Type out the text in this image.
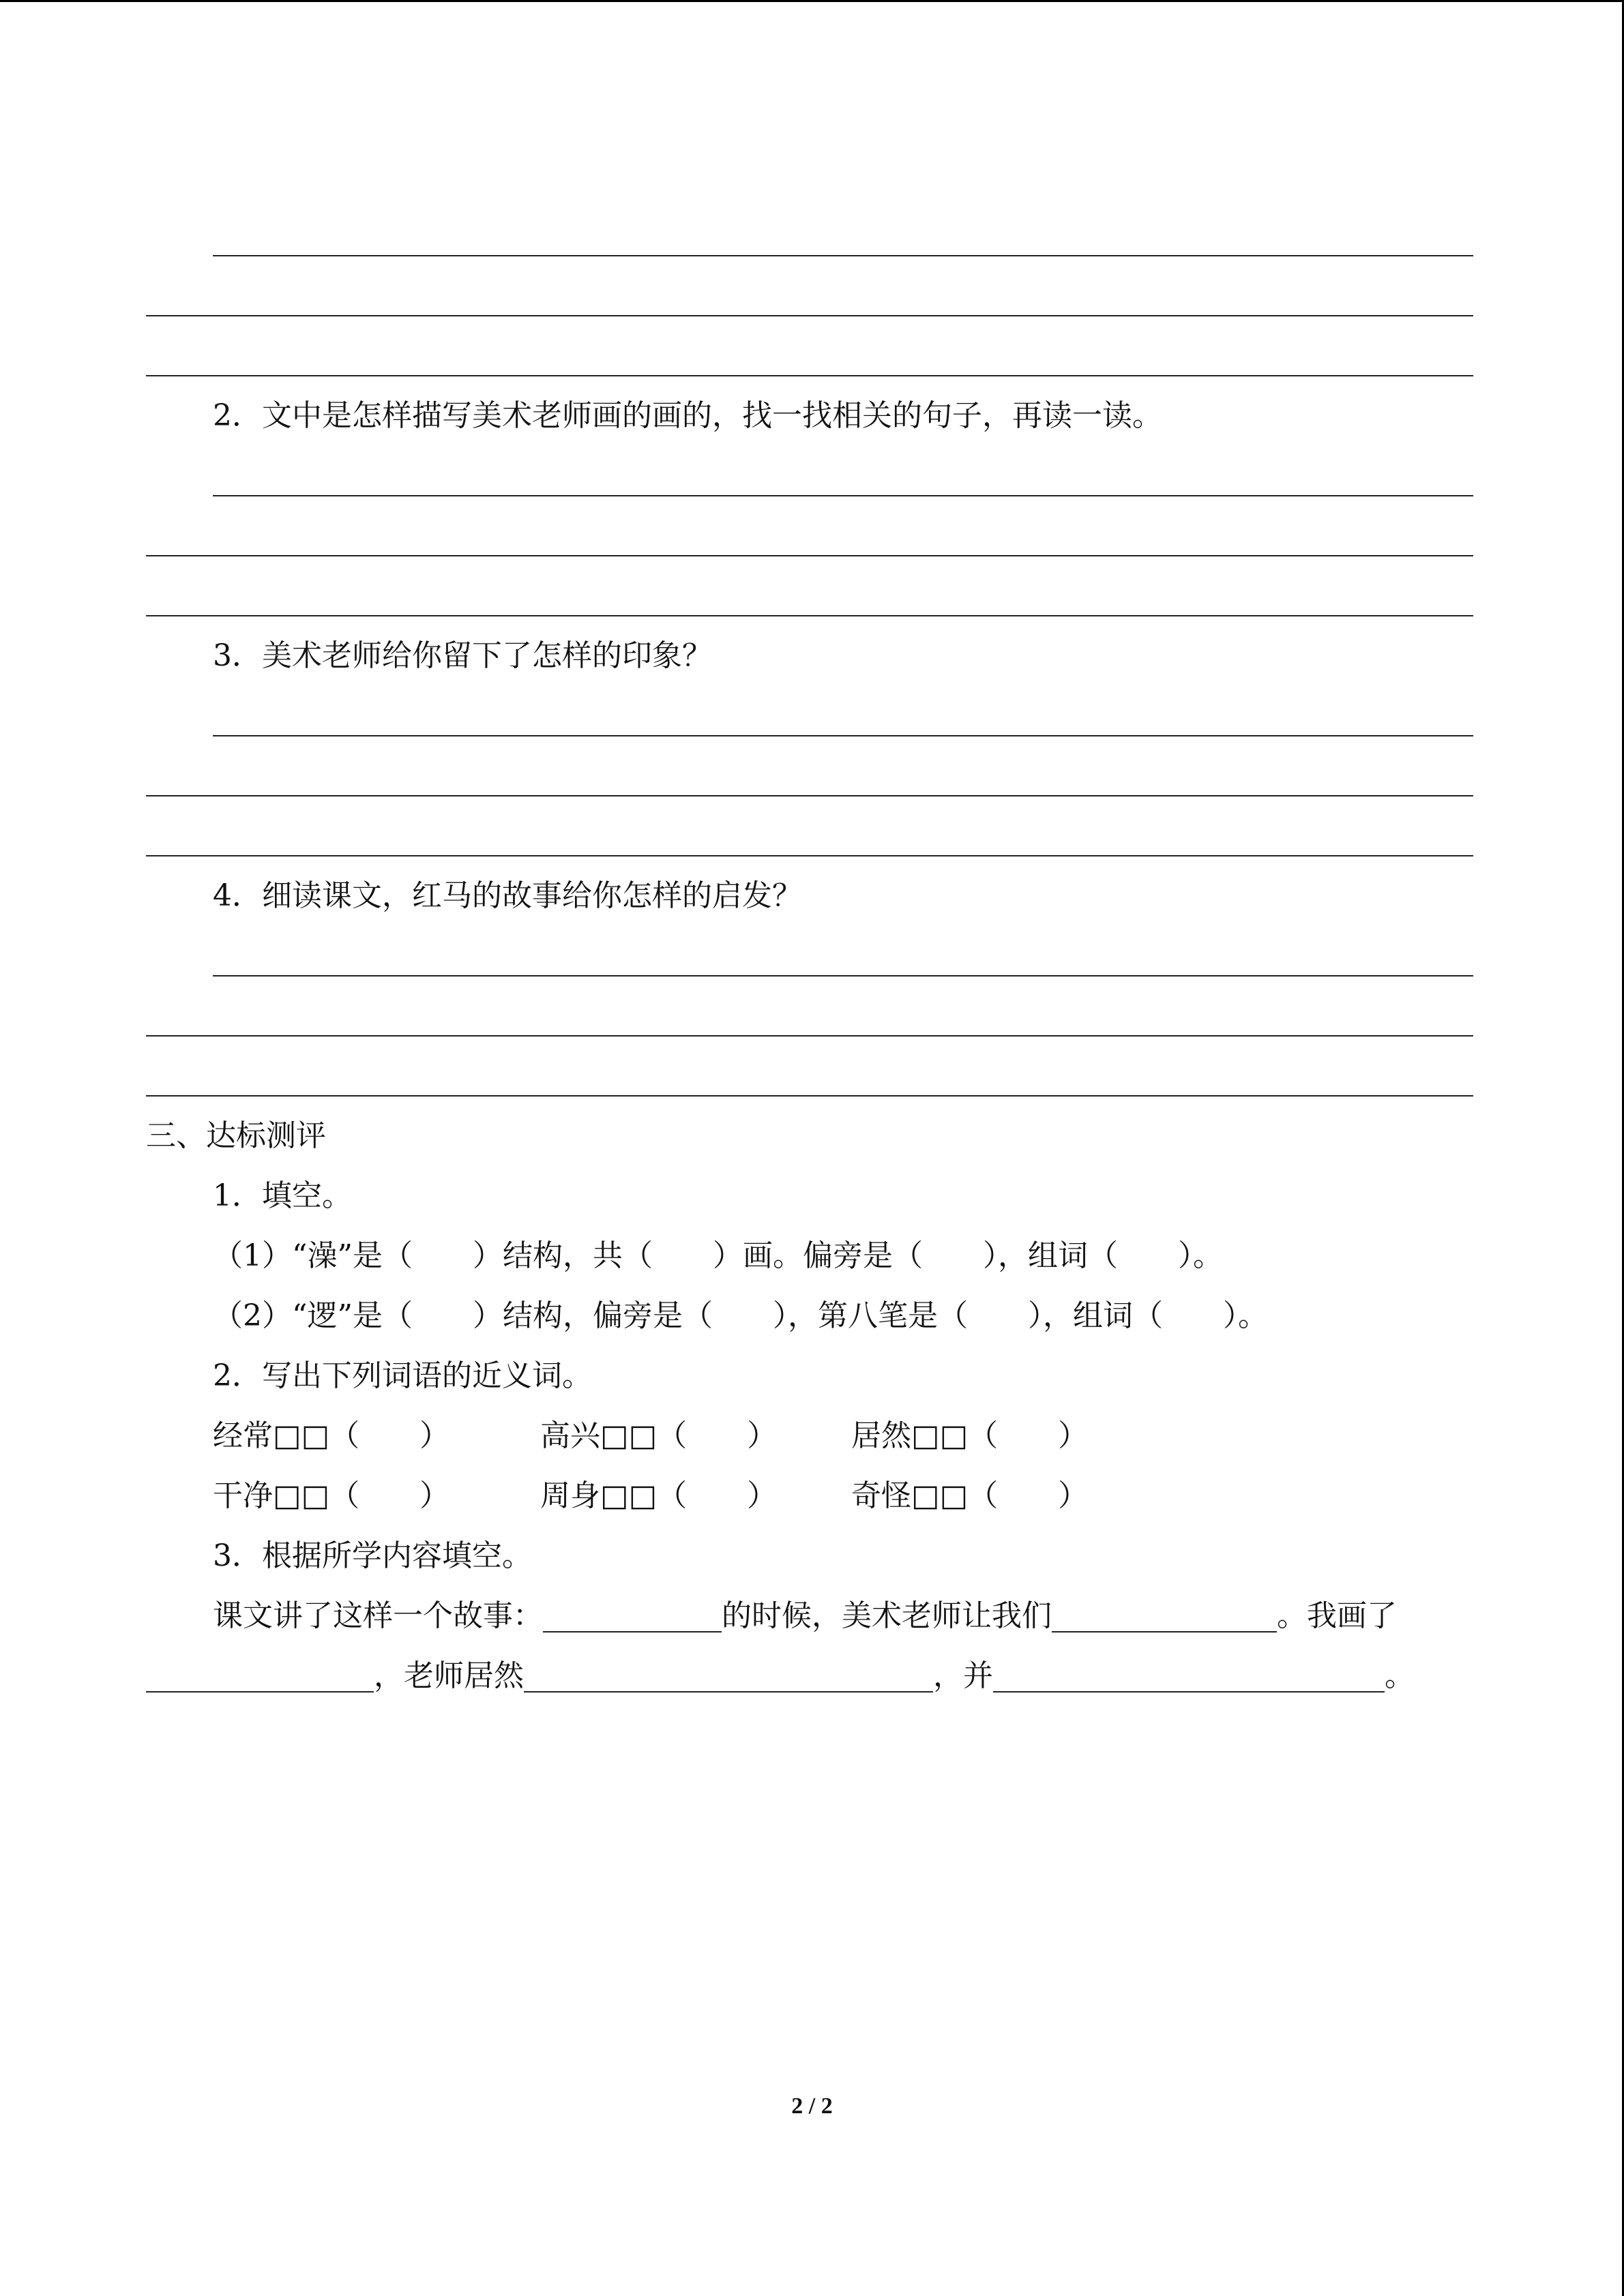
2．文中是怎样描写美术老师画的画的，找一找相关的句子，再读一读。
3．美术老师给你留下了怎样的印象？
4．细读课文，红马的故事给你怎样的启发？
三、达标测评
1．填空。
（1）“澡”是（　　）结构，共（　　）画。偏旁是（　　），组词（　　）。
（2）“逻”是（　　）结构，偏旁是（　　），第八笔是（　　），组词（　　）。
2．写出下列词语的近义词。
经常□□（　　）	高兴□□（　　） 居然□□（　　）
干净□□（　　）	周身□□（　　） 奇怪□□（　　）
3．根据所学内容填空。
课文讲了这样一个故事：	的时候，美术老师让我们	。我画了
，老师居然	，并	。
2 / 2
